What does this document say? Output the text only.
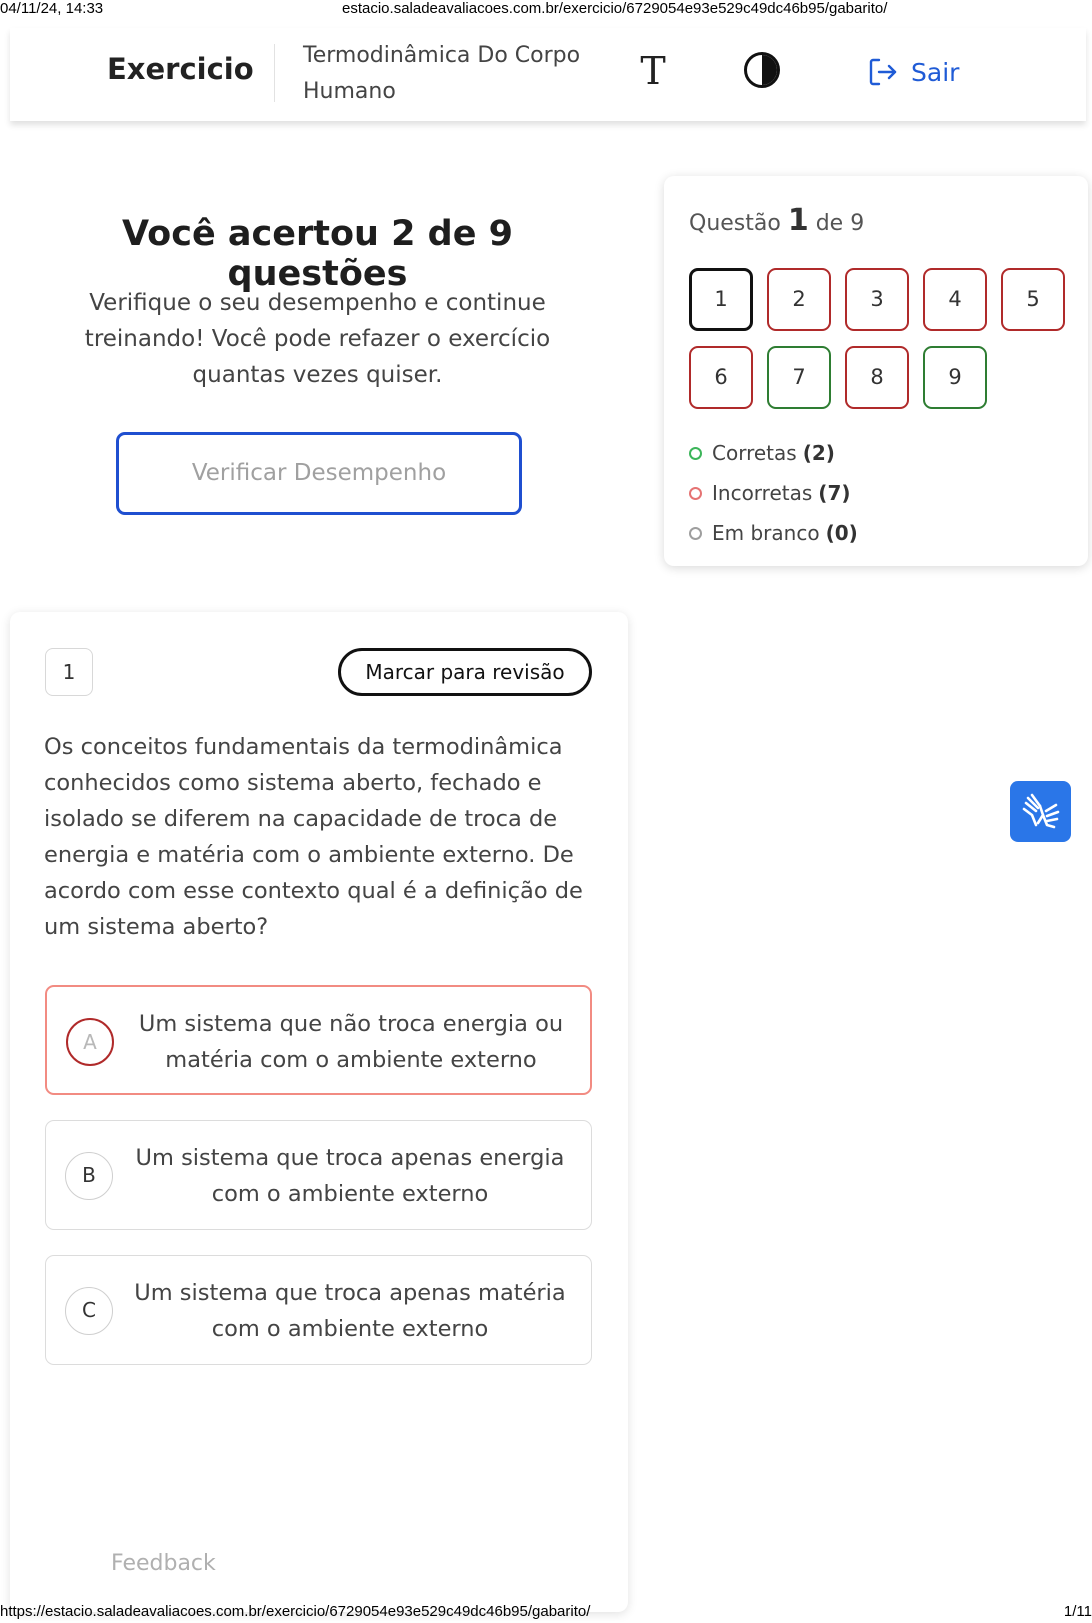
04/11/24, 14:33	estacio.saladeavaliacoes.com.br/exercicio/6729054e93e529c49dc46b95/gabarito/
Exercicio Termodinâmica Do Corpo
Humano	T	Sair
Você acertou 2 de 9 questões
Verifique o seu desempenho e continue treinando! Você pode refazer o exercício quantas vezes quiser.
Verificar Desempenho
Questão 1 de 9
1	2	3	4	5
6	7	8	9
Corretas (2)
Incorretas (7)
Em branco (0)
1	Marcar para revisão
Os conceitos fundamentais da termodinâmica conhecidos como sistema aberto, fechado e isolado se diferem na capacidade de troca de energia e matéria com o ambiente externo. De acordo com esse contexto qual é a definição de um sistema aberto?
A
Um sistema que não troca energia ou matéria com o ambiente externo
B
Um sistema que troca apenas energia com o ambiente externo
C
Um sistema que troca apenas matéria com o ambiente externo
Feedback
https://estacio.saladeavaliacoes.com.br/exercicio/6729054e93e529c49dc46b95/gabarito/	1/11
